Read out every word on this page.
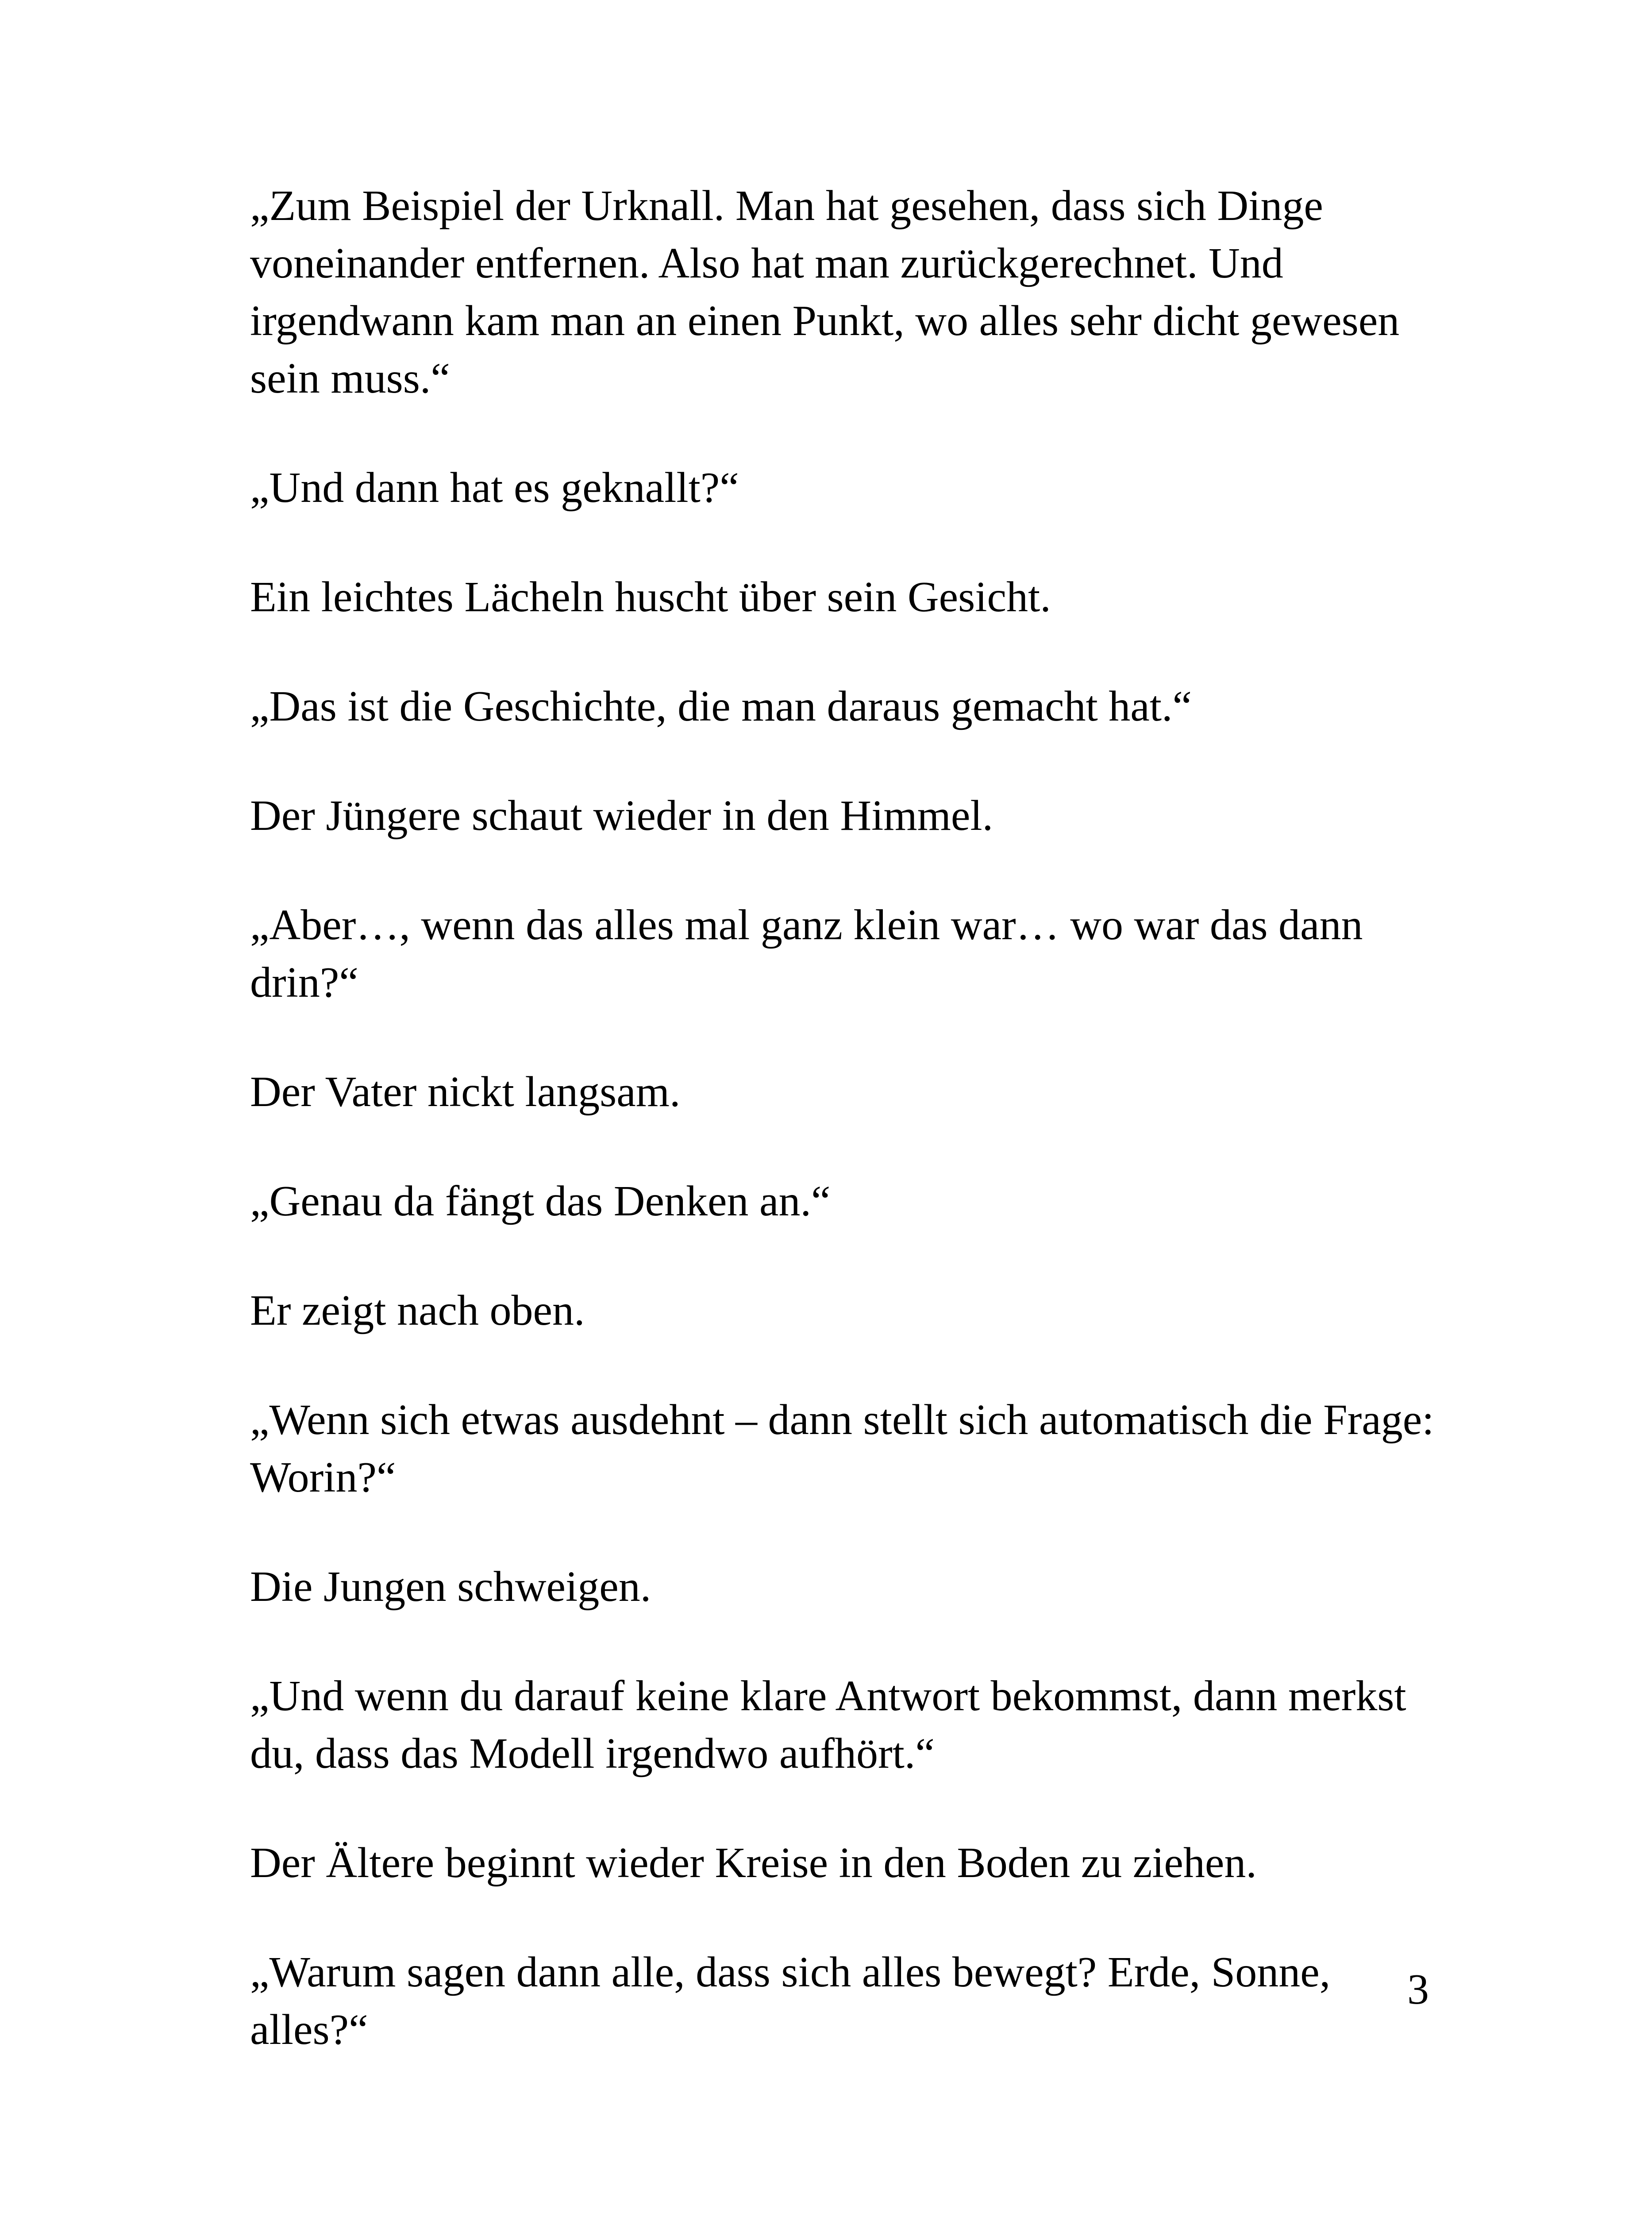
„Zum Beispiel der Urknall. Man hat gesehen, dass sich Dinge voneinander entfernen. Also hat man zurückgerechnet. Und irgendwann kam man an einen Punkt, wo alles sehr dicht gewesen sein muss.“

„Und dann hat es geknallt?“

Ein leichtes Lächeln huscht über sein Gesicht.

„Das ist die Geschichte, die man daraus gemacht hat.“

Der Jüngere schaut wieder in den Himmel.

„Aber…, wenn das alles mal ganz klein war… wo war das dann drin?“

Der Vater nickt langsam.

„Genau da fängt das Denken an.“

Er zeigt nach oben.

„Wenn sich etwas ausdehnt – dann stellt sich automatisch die Frage: Worin?“

Die Jungen schweigen.

„Und wenn du darauf keine klare Antwort bekommst, dann merkst du, dass das Modell irgendwo aufhört.“

Der Ältere beginnt wieder Kreise in den Boden zu ziehen.

„Warum sagen dann alle, dass sich alles bewegt? Erde, Sonne, alles?“

3
